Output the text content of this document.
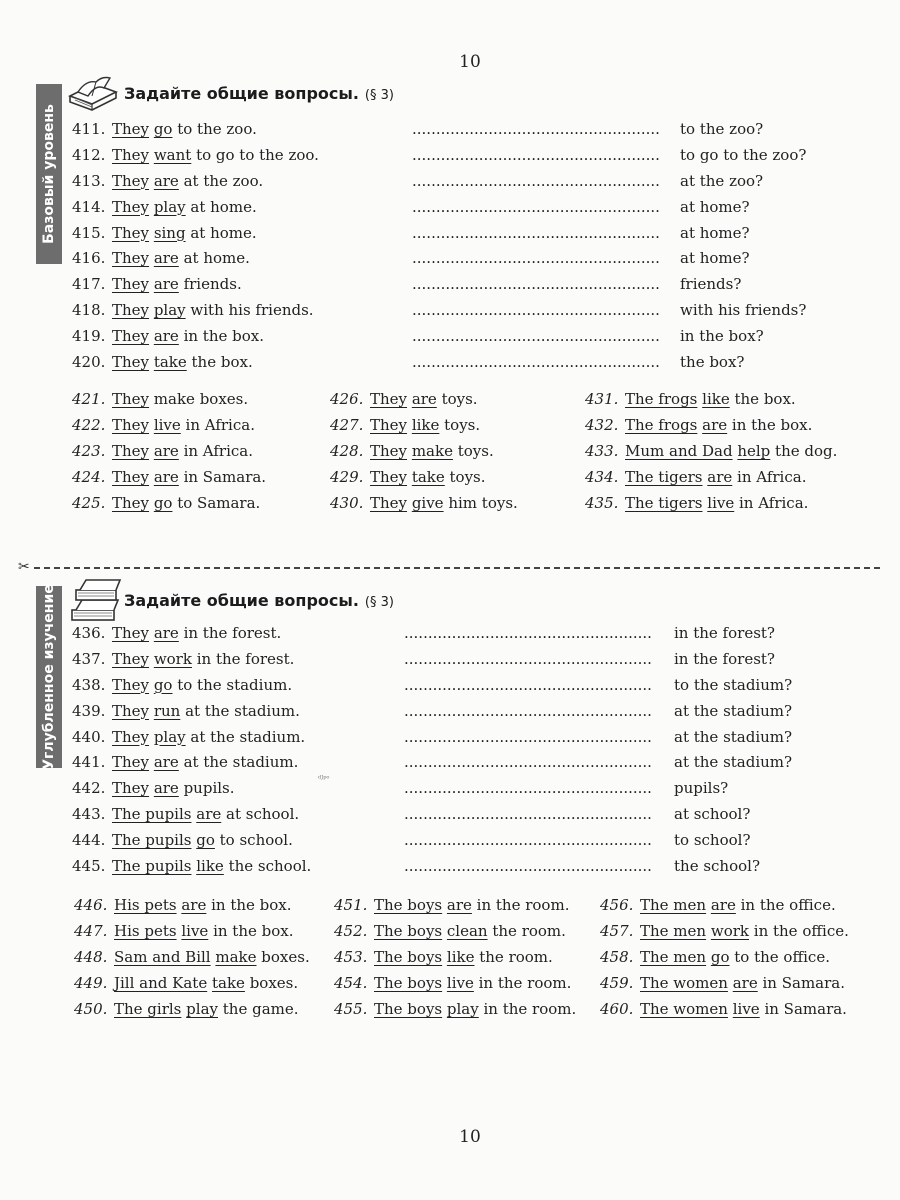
10
Базовый уровень
Задайте общие вопросы. (§ 3)
411. They go to the zoo.	.................................................... to the zoo?
412. They want to go to the zoo.	.................................................... to go to the zoo?
413. They are at the zoo.	.................................................... at the zoo?
414. They play at home.	.................................................... at home?
415. They sing at home.	.................................................... at home?
416. They are at home.	.................................................... at home?
417. They are friends.	.................................................... friends?
418. They play with his friends.	.................................................... with his friends?
419. They are in the box.	.................................................... in the box?
420. They take the box.	.................................................... the box?
421. They make boxes.
422. They live in Africa.
423. They are in Africa.
424. They are in Samara.
425. They go to Samara.
426. They are toys.
427. They like toys.
428. They make toys.
429. They take toys.
430. They give him toys.
431. The frogs like the box.
432. The frogs are in the box.
433. Mum and Dad help the dog.
434. The tigers are in Africa.
435. The tigers live in Africa.
✂
Углубленное изучение	Задайте общие вопросы. (§ 3)
436. They are in the forest.	.................................................... in the forest?
437. They work in the forest.	.................................................... in the forest?
438. They go to the stadium.	.................................................... to the stadium?
439. They run at the stadium.	.................................................... at the stadium?
440. They play at the stadium.	.................................................... at the stadium?
441. They are at the stadium.	.................................................... at the stadium?
442. They are pupils.	.................................................... pupils?
443. The pupils are at school.	.................................................... at school?
444. The pupils go to school.	.................................................... to school?
445. The pupils like the school.	.................................................... the school?
446. His pets are in the box.
447. His pets live in the box.
448. Sam and Bill make boxes.
449. Jill and Kate take boxes.
450. The girls play the game.
451. The boys are in the room.
452. The boys clean the room.
453. The boys like the room.
454. The boys live in the room.
455. The boys play in the room.
456. The men are in the office.
457. The men work in the office.
458. The men go to the office.
459. The women are in Samara.
460. The women live in Samara.
ᵈᴶᵖᵒ
10
